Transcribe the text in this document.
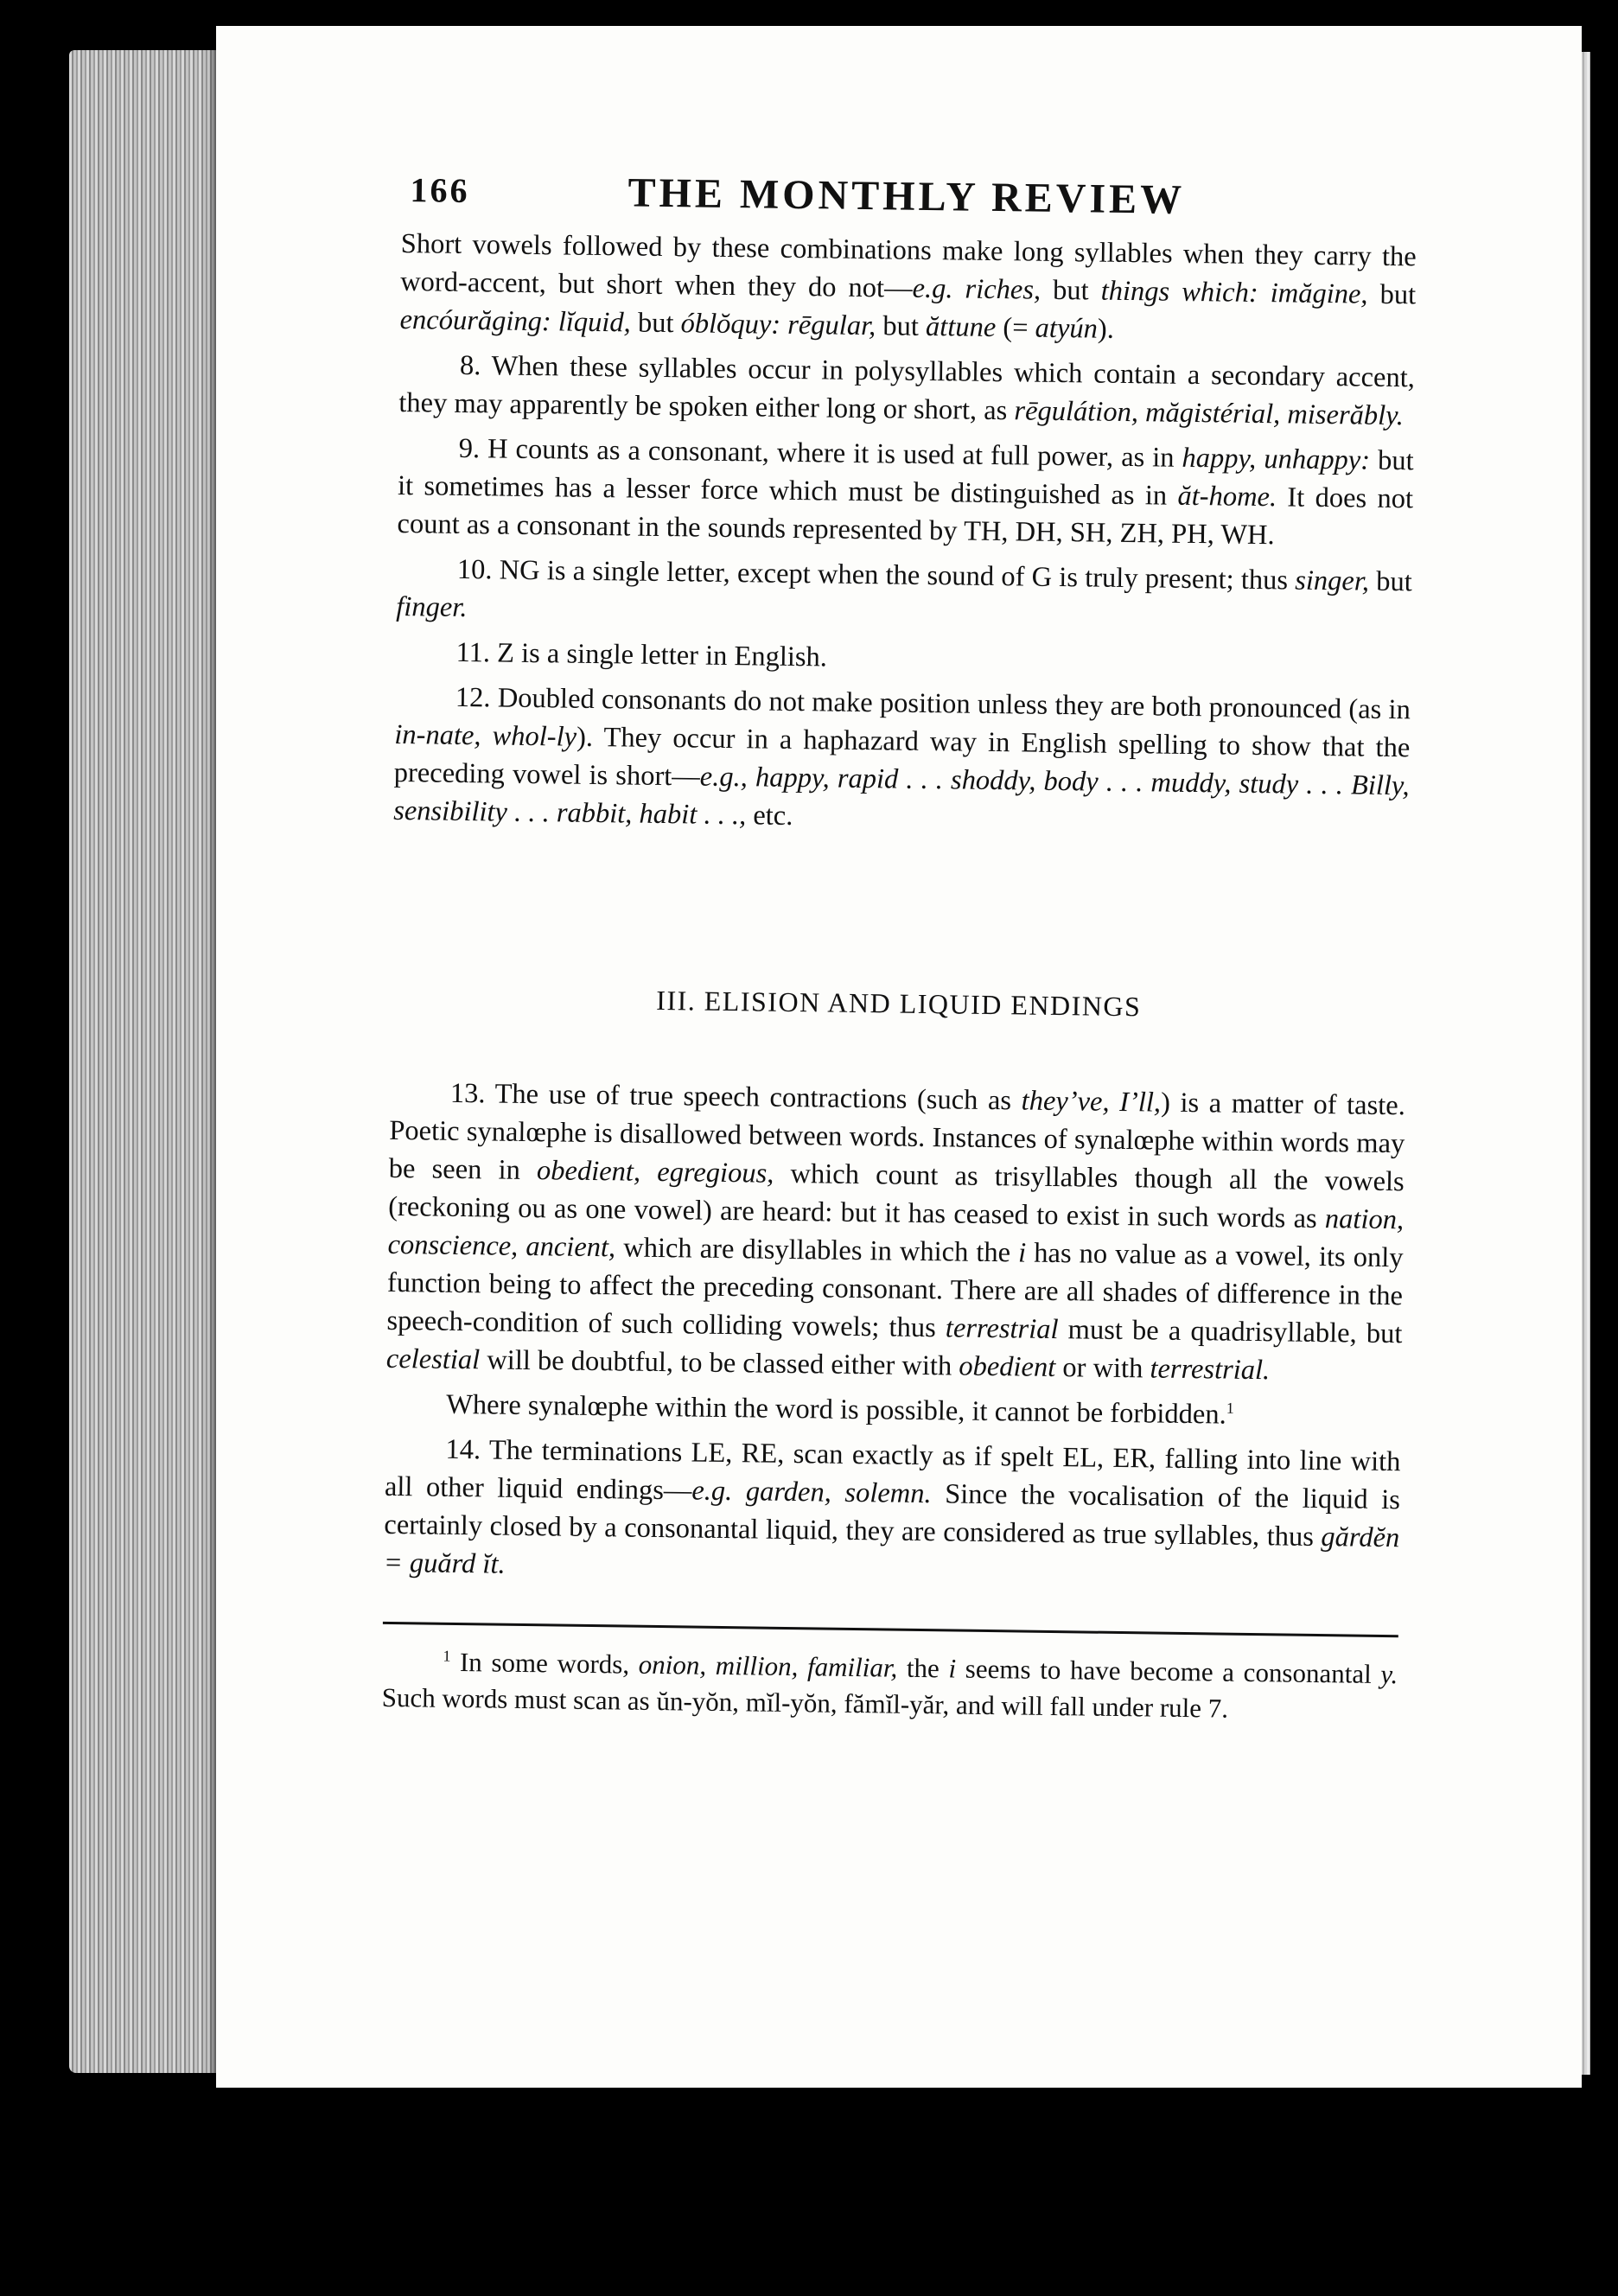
166	THE MONTHLY REVIEW

Short vowels followed by these combinations make long syllables when they carry the word-accent, but short when they do not—e.g. riches, but things which: imăgine, but encóurăging: lĭquid, but óblŏquy: rēgular, but ăttune (= atyún).

8. When these syllables occur in polysyllables which contain a secondary accent, they may apparently be spoken either long or short, as rēgulátion, măgistérial, miserăbly.

9. H counts as a consonant, where it is used at full power, as in happy, unhappy: but it sometimes has a lesser force which must be distinguished as in ăt-home. It does not count as a consonant in the sounds represented by TH, DH, SH, ZH, PH, WH.

10. NG is a single letter, except when the sound of G is truly present; thus singer, but finger.

11. Z is a single letter in English.

12. Doubled consonants do not make position unless they are both pronounced (as in in-nate, whol-ly). They occur in a haphazard way in English spelling to show that the preceding vowel is short—e.g., happy, rapid . . . shoddy, body . . . muddy, study . . . Billy, sensibility . . . rabbit, habit . . ., etc.

III. ELISION AND LIQUID ENDINGS

13. The use of true speech contractions (such as they’ve, I’ll,) is a matter of taste. Poetic synalœphe is disallowed between words. Instances of synalœphe within words may be seen in obedient, egregious, which count as trisyllables though all the vowels (reckoning ou as one vowel) are heard: but it has ceased to exist in such words as nation, conscience, ancient, which are disyllables in which the i has no value as a vowel, its only function being to affect the preceding consonant. There are all shades of difference in the speech-condition of such colliding vowels; thus terrestrial must be a quadrisyllable, but celestial will be doubtful, to be classed either with obedient or with terrestrial.

Where synalœphe within the word is possible, it cannot be forbidden.$^1$

14. The terminations LE, RE, scan exactly as if spelt EL, ER, falling into line with all other liquid endings—e.g. garden, solemn. Since the vocalisation of the liquid is certainly closed by a consonantal liquid, they are considered as true syllables, thus gărdĕn = guărd ĭt.

$^1$ In some words, onion, million, familiar, the i seems to have become a consonantal y. Such words must scan as ŭn-yŏn, mĭl-yŏn, fămĭl-yăr, and will fall under rule 7.
